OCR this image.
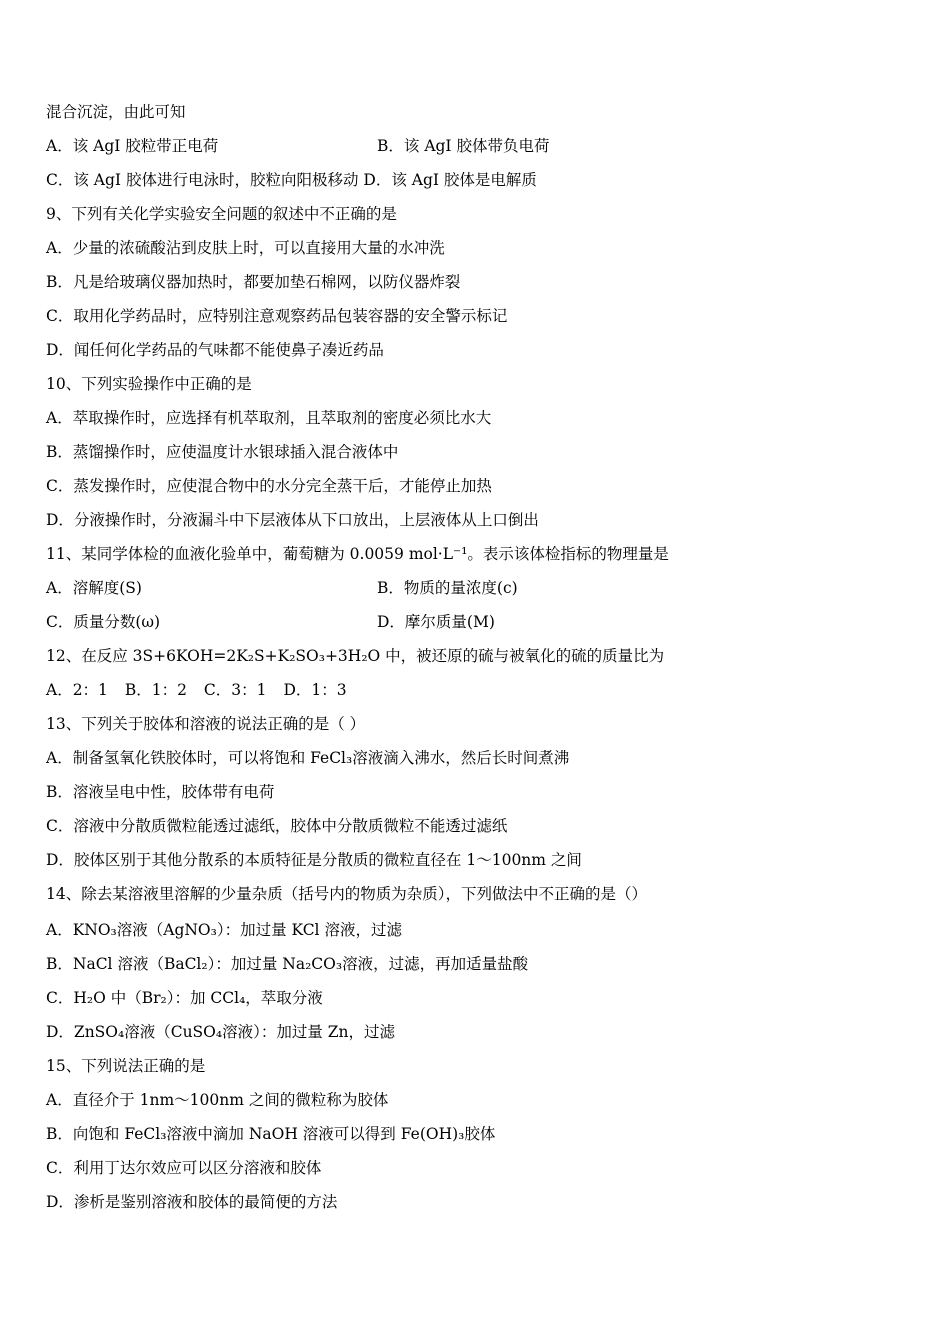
混合沉淀，由此可知
A．该 AgI 胶粒带正电荷	B．该 AgI 胶体带负电荷
C．该 AgI 胶体进行电泳时，胶粒向阳极移动 D．该 AgI 胶体是电解质
9、下列有关化学实验安全问题的叙述中不正确的是
A．少量的浓硫酸沾到皮肤上时，可以直接用大量的水冲洗
B．凡是给玻璃仪器加热时，都要加垫石棉网，以防仪器炸裂
C．取用化学药品时，应特别注意观察药品包装容器的安全警示标记
D．闻任何化学药品的气味都不能使鼻子凑近药品
10、下列实验操作中正确的是
A．萃取操作时，应选择有机萃取剂，且萃取剂的密度必须比水大
B．蒸馏操作时，应使温度计水银球插入混合液体中
C．蒸发操作时，应使混合物中的水分完全蒸干后，才能停止加热
D．分液操作时，分液漏斗中下层液体从下口放出，上层液体从上口倒出
11、某同学体检的血液化验单中，葡萄糖为 0.0059 mol·L⁻¹。表示该体检指标的物理量是
A．溶解度(S)	B．物质的量浓度(c)
C．质量分数(ω)	D．摩尔质量(M)
12、在反应 3S+6KOH=2K₂S+K₂SO₃+3H₂O 中，被还原的硫与被氧化的硫的质量比为
A．2：1 B．1：2 C．3：1 D．1：3
13、下列关于胶体和溶液的说法正确的是（ ）
A．制备氢氧化铁胶体时，可以将饱和 FeCl₃溶液滴入沸水，然后长时间煮沸
B．溶液呈电中性，胶体带有电荷
C．溶液中分散质微粒能透过滤纸，胶体中分散质微粒不能透过滤纸
D．胶体区别于其他分散系的本质特征是分散质的微粒直径在 1～100nm 之间
14、除去某溶液里溶解的少量杂质（括号内的物质为杂质），下列做法中不正确的是（）
A．KNO₃溶液（AgNO₃）：加过量 KCl 溶液，过滤
B．NaCl 溶液（BaCl₂）：加过量 Na₂CO₃溶液，过滤，再加适量盐酸
C．H₂O 中（Br₂）：加 CCl₄，萃取分液
D．ZnSO₄溶液（CuSO₄溶液）：加过量 Zn，过滤
15、下列说法正确的是
A．直径介于 1nm～100nm 之间的微粒称为胶体
B．向饱和 FeCl₃溶液中滴加 NaOH 溶液可以得到 Fe(OH)₃胶体
C．利用丁达尔效应可以区分溶液和胶体
D．渗析是鉴别溶液和胶体的最简便的方法
